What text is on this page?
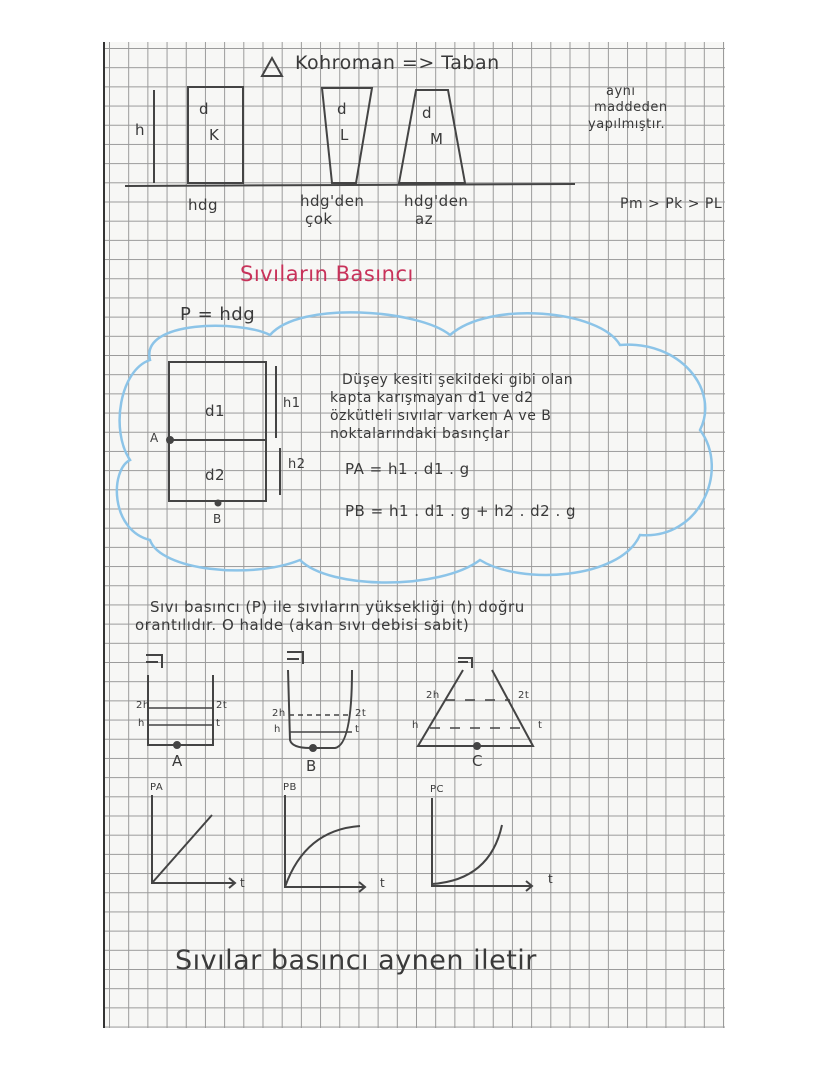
Kohroman => Taban
d
K
d
L
d
M
h
hdg	hdg'den
çok
hdg'den
az
aynı
maddeden
yapılmıştır.
Pm > Pk > PL
Sıvıların Basıncı
P = hdg
d1
d2
h1
h2
A
B
Düşey kesiti şekildeki gibi olan
kapta karışmayan d1 ve d2
özkütleli sıvılar varken A ve B
noktalarındaki basınçlar
PA = h1 . d1 . g
PB = h1 . d1 . g + h2 . d2 . g
Sıvı basıncı (P) ile sıvıların yüksekliği (h) doğru
orantılıdır. O halde (akan sıvı debisi sabit)
2h
h
2t
t
A
2h
h
2t
t
B
2h
h
2t
t
C
PA
t
PB
t
PC
t
Sıvılar basıncı aynen iletir
